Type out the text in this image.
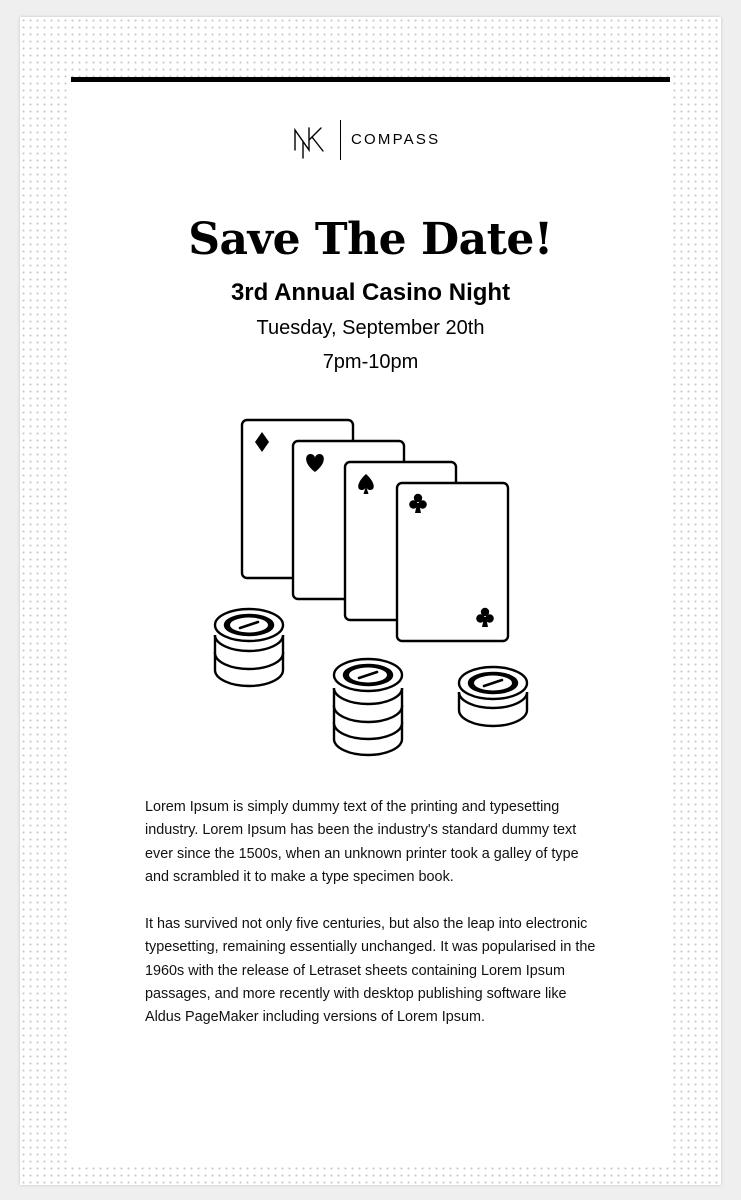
COMPASS
Save The Date!
3rd Annual Casino Night
Tuesday, September 20th
7pm-10pm

Lorem Ipsum is simply dummy text of the printing and typesetting industry. Lorem Ipsum has been the industry's standard dummy text ever since the 1500s, when an unknown printer took a galley of type and scrambled it to make a type specimen book.

It has survived not only five centuries, but also the leap into electronic typesetting, remaining essentially unchanged. It was popularised in the 1960s with the release of Letraset sheets containing Lorem Ipsum passages, and more recently with desktop publishing software like Aldus PageMaker including versions of Lorem Ipsum.
